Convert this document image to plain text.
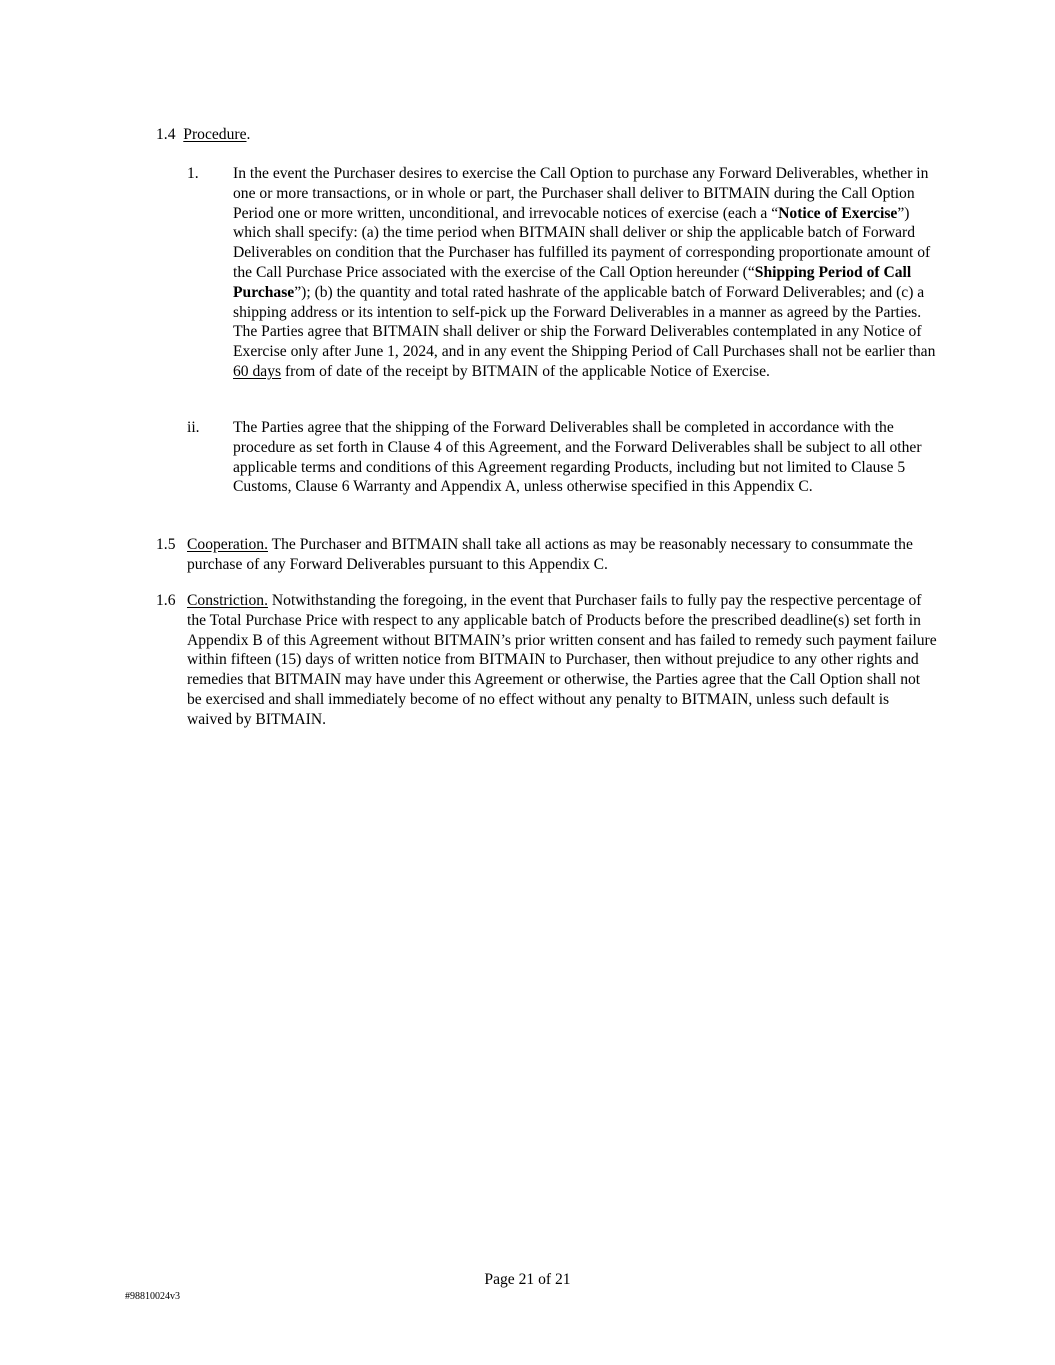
1.4 Procedure.
1. In the event the Purchaser desires to exercise the Call Option to purchase any Forward Deliverables, whether in one or more transactions, or in whole or part, the Purchaser shall deliver to BITMAIN during the Call Option Period one or more written, unconditional, and irrevocable notices of exercise (each a “Notice of Exercise”) which shall specify: (a) the time period when BITMAIN shall deliver or ship the applicable batch of Forward Deliverables on condition that the Purchaser has fulfilled its payment of corresponding proportionate amount of the Call Purchase Price associated with the exercise of the Call Option hereunder (“Shipping Period of Call Purchase”); (b) the quantity and total rated hashrate of the applicable batch of Forward Deliverables; and (c) a shipping address or its intention to self-pick up the Forward Deliverables in a manner as agreed by the Parties. The Parties agree that BITMAIN shall deliver or ship the Forward Deliverables contemplated in any Notice of Exercise only after June 1, 2024, and in any event the Shipping Period of Call Purchases shall not be earlier than 60 days from of date of the receipt by BITMAIN of the applicable Notice of Exercise.
ii. The Parties agree that the shipping of the Forward Deliverables shall be completed in accordance with the procedure as set forth in Clause 4 of this Agreement, and the Forward Deliverables shall be subject to all other applicable terms and conditions of this Agreement regarding Products, including but not limited to Clause 5 Customs, Clause 6 Warranty and Appendix A, unless otherwise specified in this Appendix C.
1.5 Cooperation. The Purchaser and BITMAIN shall take all actions as may be reasonably necessary to consummate the purchase of any Forward Deliverables pursuant to this Appendix C.
1.6 Constriction. Notwithstanding the foregoing, in the event that Purchaser fails to fully pay the respective percentage of the Total Purchase Price with respect to any applicable batch of Products before the prescribed deadline(s) set forth in Appendix B of this Agreement without BITMAIN’s prior written consent and has failed to remedy such payment failure within fifteen (15) days of written notice from BITMAIN to Purchaser, then without prejudice to any other rights and remedies that BITMAIN may have under this Agreement or otherwise, the Parties agree that the Call Option shall not be exercised and shall immediately become of no effect without any penalty to BITMAIN, unless such default is waived by BITMAIN.
Page 21 of 21
#98810024v3
